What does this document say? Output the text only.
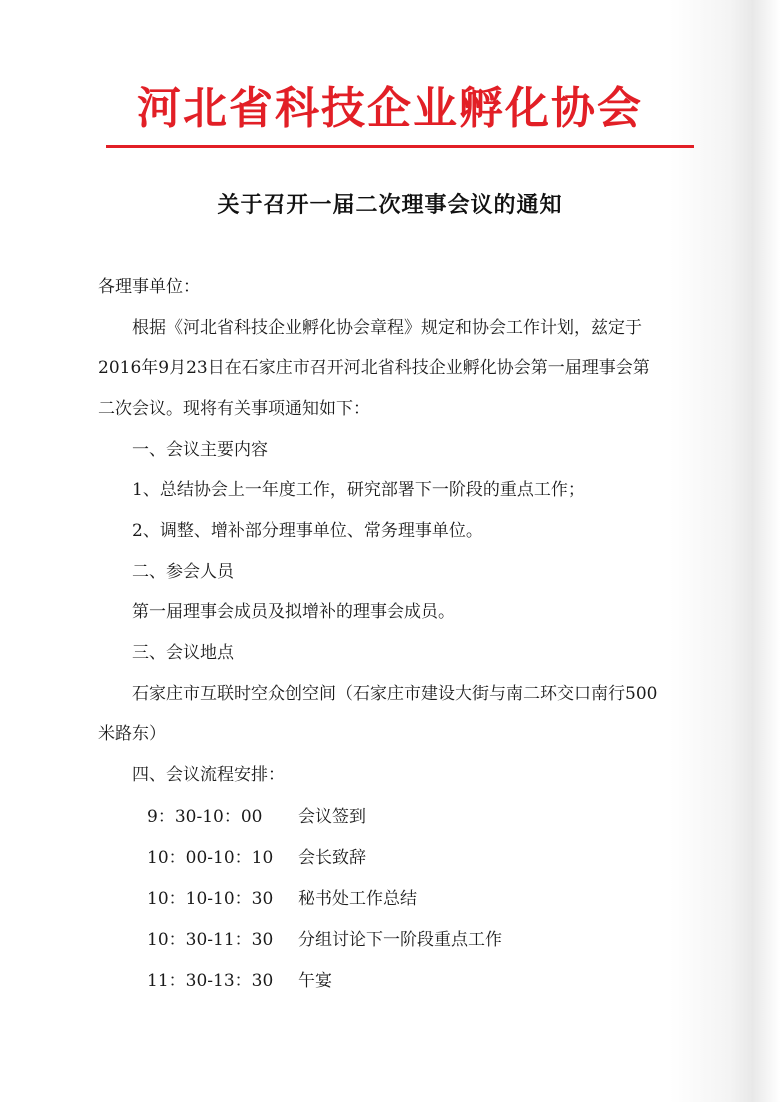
河北省科技企业孵化协会
关于召开一届二次理事会议的通知
各理事单位：
根据《河北省科技企业孵化协会章程》规定和协会工作计划，兹定于
2016年9月23日在石家庄市召开河北省科技企业孵化协会第一届理事会第
二次会议。现将有关事项通知如下：
一、会议主要内容
1、总结协会上一年度工作，研究部署下一阶段的重点工作；
2、调整、增补部分理事单位、常务理事单位。
二、参会人员
第一届理事会成员及拟增补的理事会成员。
三、会议地点
石家庄市互联时空众创空间（石家庄市建设大街与南二环交口南行500
米路东）
四、会议流程安排：
9：30-10：00 会议签到
10：00-10：10 会长致辞
10：10-10：30 秘书处工作总结
10：30-11：30 分组讨论下一阶段重点工作
11：30-13：30 午宴
